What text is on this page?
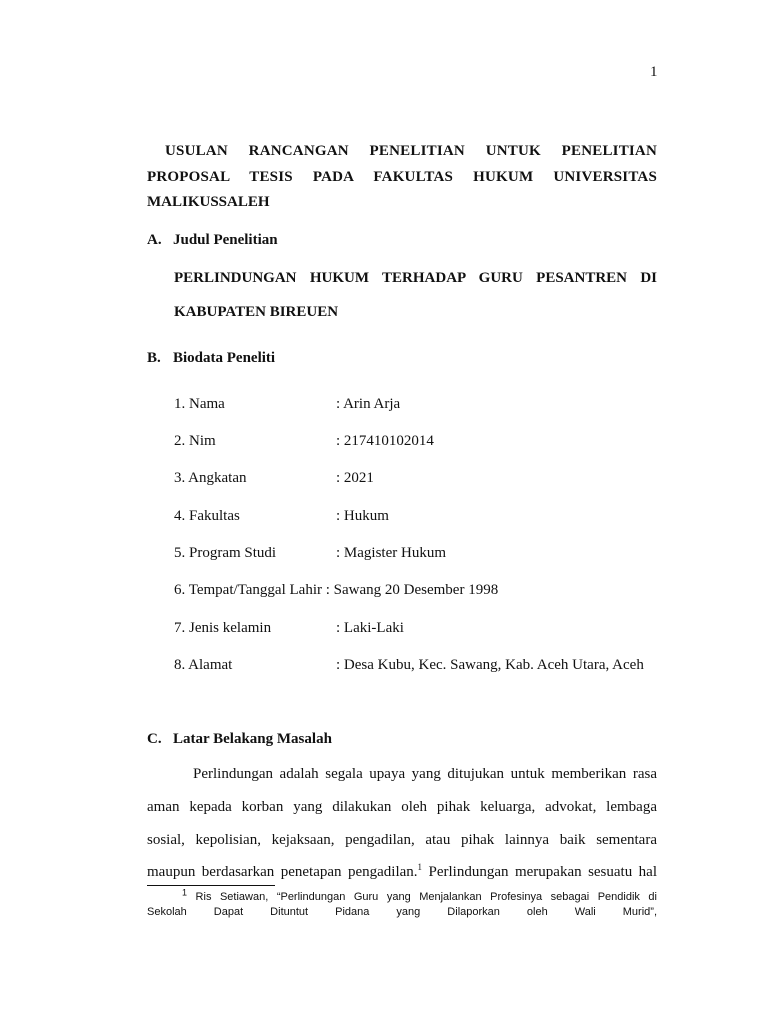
1
USULAN RANCANGAN PENELITIAN UNTUK PENELITIAN
PROPOSAL TESIS PADA FAKULTAS HUKUM UNIVERSITAS
MALIKUSSALEH
A. Judul Penelitian
PERLINDUNGAN HUKUM TERHADAP GURU PESANTREN DI
KABUPATEN BIREUEN
B. Biodata Peneliti
1. Nama	: Arin Arja
2. Nim	: 217410102014
3. Angkatan	: 2021
4. Fakultas	: Hukum
5. Program Studi	: Magister Hukum
6. Tempat/Tanggal Lahir : Sawang 20 Desember 1998
7. Jenis kelamin	: Laki-Laki
8. Alamat	: Desa Kubu, Kec. Sawang, Kab. Aceh Utara, Aceh
C. Latar Belakang Masalah
Perlindungan adalah segala upaya yang ditujukan untuk memberikan rasa
aman kepada korban yang dilakukan oleh pihak keluarga, advokat, lembaga
sosial, kepolisian, kejaksaan, pengadilan, atau pihak lainnya baik sementara
maupun berdasarkan penetapan pengadilan.$^1$ Perlindungan merupakan sesuatu hal
$^1$ Ris Setiawan, “Perlindungan Guru yang Menjalankan Profesinya sebagai Pendidik di
Sekolah Dapat Dituntut Pidana yang Dilaporkan oleh Wali Murid”,
